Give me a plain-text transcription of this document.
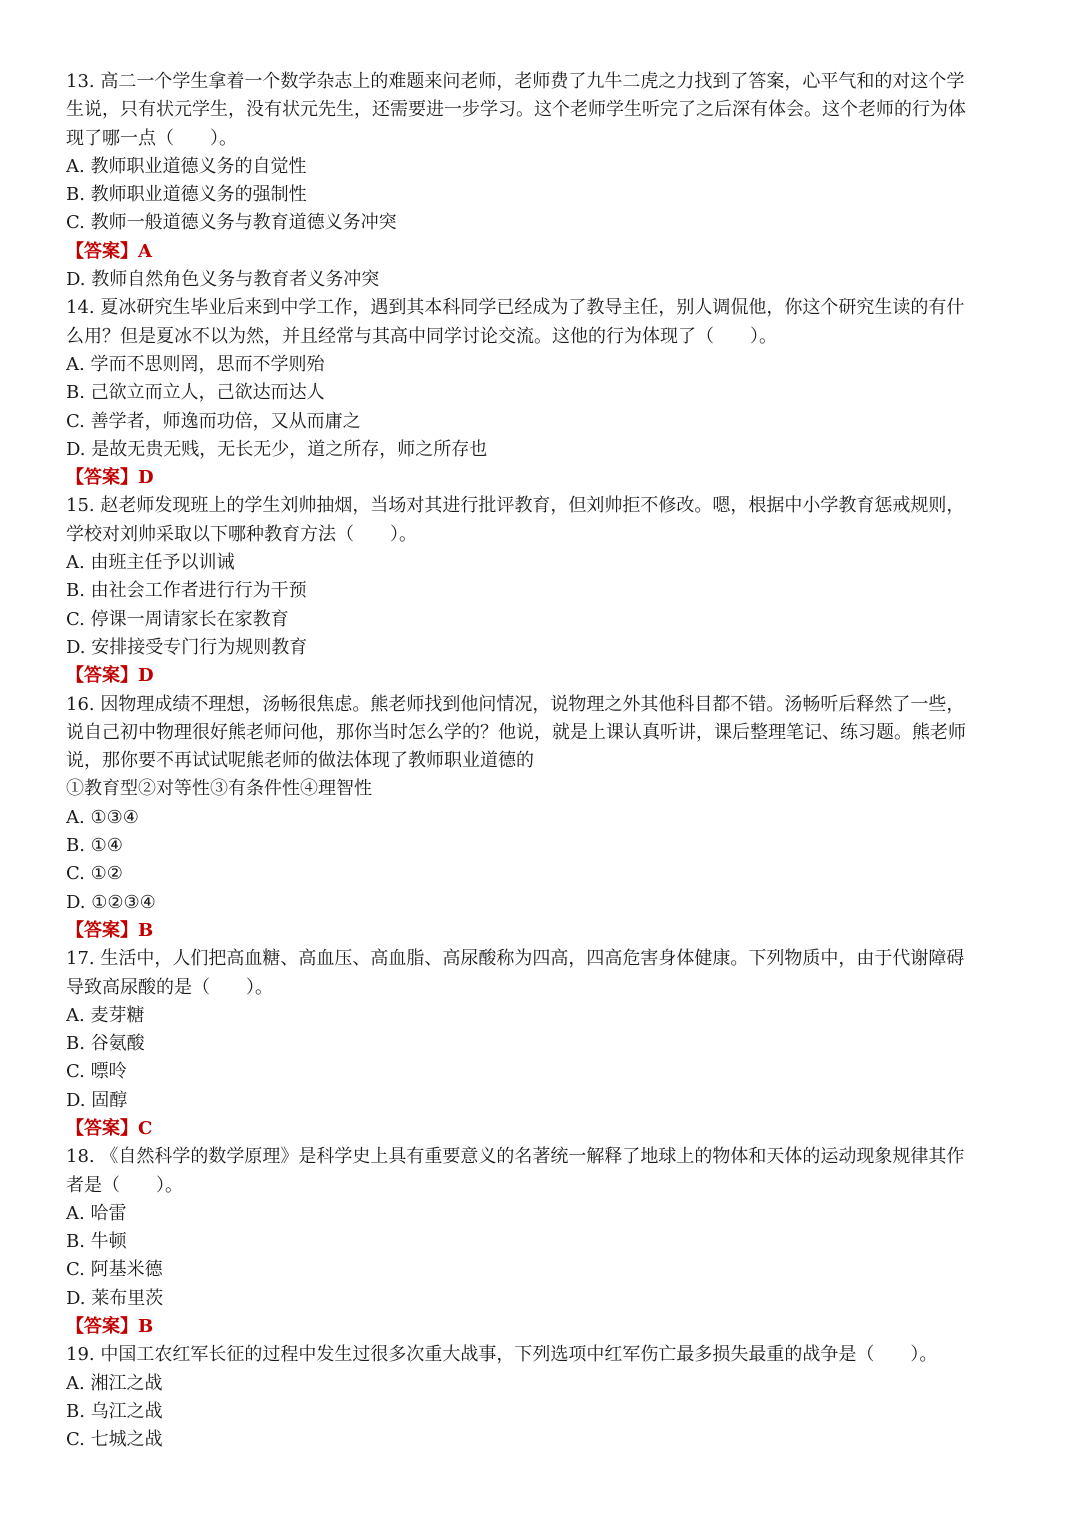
13. 高二一个学生拿着一个数学杂志上的难题来问老师，老师费了九牛二虎之力找到了答案，心平气和的对这个学

生说，只有状元学生，没有状元先生，还需要进一步学习。这个老师学生听完了之后深有体会。这个老师的行为体

现了哪一点（　　）。

A. 教师职业道德义务的自觉性

B. 教师职业道德义务的强制性

C. 教师一般道德义务与教育道德义务冲突

【答案】A

D. 教师自然角色义务与教育者义务冲突

14. 夏冰研究生毕业后来到中学工作，遇到其本科同学已经成为了教导主任，别人调侃他，你这个研究生读的有什

么用？但是夏冰不以为然，并且经常与其高中同学讨论交流。这他的行为体现了（　　）。

A. 学而不思则罔，思而不学则殆

B. 己欲立而立人，己欲达而达人

C. 善学者，师逸而功倍，又从而庸之

D. 是故无贵无贱，无长无少，道之所存，师之所存也

【答案】D

15. 赵老师发现班上的学生刘帅抽烟，当场对其进行批评教育，但刘帅拒不修改。嗯，根据中小学教育惩戒规则，

学校对刘帅采取以下哪种教育方法（　　）。

A. 由班主任予以训诫

B. 由社会工作者进行行为干预

C. 停课一周请家长在家教育

D. 安排接受专门行为规则教育

【答案】D

16. 因物理成绩不理想，汤畅很焦虑。熊老师找到他问情况，说物理之外其他科目都不错。汤畅听后释然了一些，

说自己初中物理很好熊老师问他，那你当时怎么学的？他说，就是上课认真听讲，课后整理笔记、练习题。熊老师

说，那你要不再试试呢熊老师的做法体现了教师职业道德的

①教育型②对等性③有条件性④理智性

A. ①③④

B. ①④

C. ①②

D. ①②③④

【答案】B

17. 生活中，人们把高血糖、高血压、高血脂、高尿酸称为四高，四高危害身体健康。下列物质中，由于代谢障碍

导致高尿酸的是（　　）。

A. 麦芽糖

B. 谷氨酸

C. 嘌呤

D. 固醇

【答案】C

18. 《自然科学的数学原理》是科学史上具有重要意义的名著统一解释了地球上的物体和天体的运动现象规律其作

者是（　　）。

A. 哈雷

B. 牛顿

C. 阿基米德

D. 莱布里茨

【答案】B

19. 中国工农红军长征的过程中发生过很多次重大战事，下列选项中红军伤亡最多损失最重的战争是（　　）。

A. 湘江之战

B. 乌江之战

C. 七城之战
